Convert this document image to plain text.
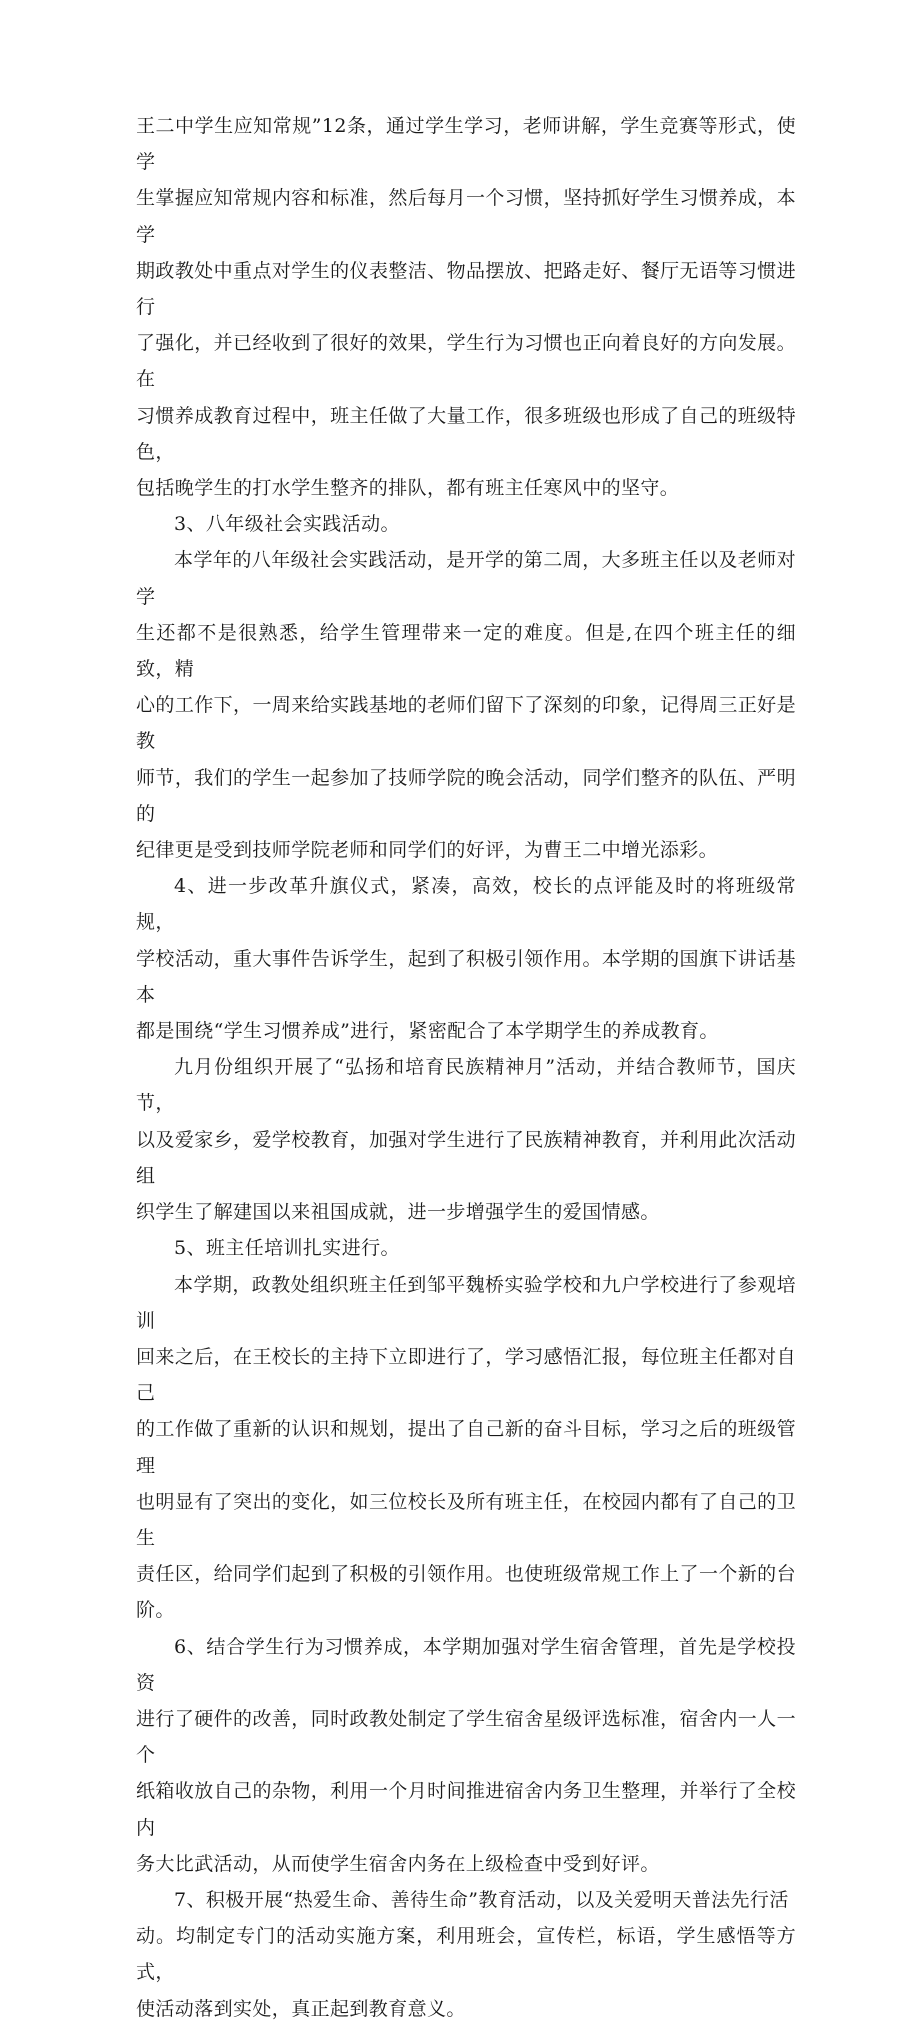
王二中学生应知常规”12条，通过学生学习，老师讲解，学生竞赛等形式，使学
生掌握应知常规内容和标准，然后每月一个习惯，坚持抓好学生习惯养成，本学
期政教处中重点对学生的仪表整洁、物品摆放、把路走好、餐厅无语等习惯进行
了强化，并已经收到了很好的效果，学生行为习惯也正向着良好的方向发展。在
习惯养成教育过程中，班主任做了大量工作，很多班级也形成了自己的班级特色，
包括晚学生的打水学生整齐的排队，都有班主任寒风中的坚守。

3、八年级社会实践活动。

本学年的八年级社会实践活动，是开学的第二周，大多班主任以及老师对学
生还都不是很熟悉，给学生管理带来一定的难度。但是,在四个班主任的细致，精
心的工作下，一周来给实践基地的老师们留下了深刻的印象，记得周三正好是教
师节，我们的学生一起参加了技师学院的晚会活动，同学们整齐的队伍、严明的
纪律更是受到技师学院老师和同学们的好评，为曹王二中增光添彩。

4、进一步改革升旗仪式，紧凑，高效，校长的点评能及时的将班级常规，
学校活动，重大事件告诉学生，起到了积极引领作用。本学期的国旗下讲话基本
都是围绕“学生习惯养成”进行，紧密配合了本学期学生的养成教育。

九月份组织开展了“弘扬和培育民族精神月”活动，并结合教师节，国庆节，
以及爱家乡，爱学校教育，加强对学生进行了民族精神教育，并利用此次活动组
织学生了解建国以来祖国成就，进一步增强学生的爱国情感。

5、班主任培训扎实进行。

本学期，政教处组织班主任到邹平魏桥实验学校和九户学校进行了参观培训
回来之后，在王校长的主持下立即进行了，学习感悟汇报，每位班主任都对自己
的工作做了重新的认识和规划，提出了自己新的奋斗目标，学习之后的班级管理
也明显有了突出的变化，如三位校长及所有班主任，在校园内都有了自己的卫生
责任区，给同学们起到了积极的引领作用。也使班级常规工作上了一个新的台阶。

6、结合学生行为习惯养成，本学期加强对学生宿舍管理，首先是学校投资
进行了硬件的改善，同时政教处制定了学生宿舍星级评选标准，宿舍内一人一个
纸箱收放自己的杂物，利用一个月时间推进宿舍内务卫生整理，并举行了全校内
务大比武活动，从而使学生宿舍内务在上级检查中受到好评。

7、积极开展“热爱生命、善待生命”教育活动，以及关爱明天普法先行活
动。均制定专门的活动实施方案，利用班会，宣传栏，标语，学生感悟等方式，
使活动落到实处，真正起到教育意义。
